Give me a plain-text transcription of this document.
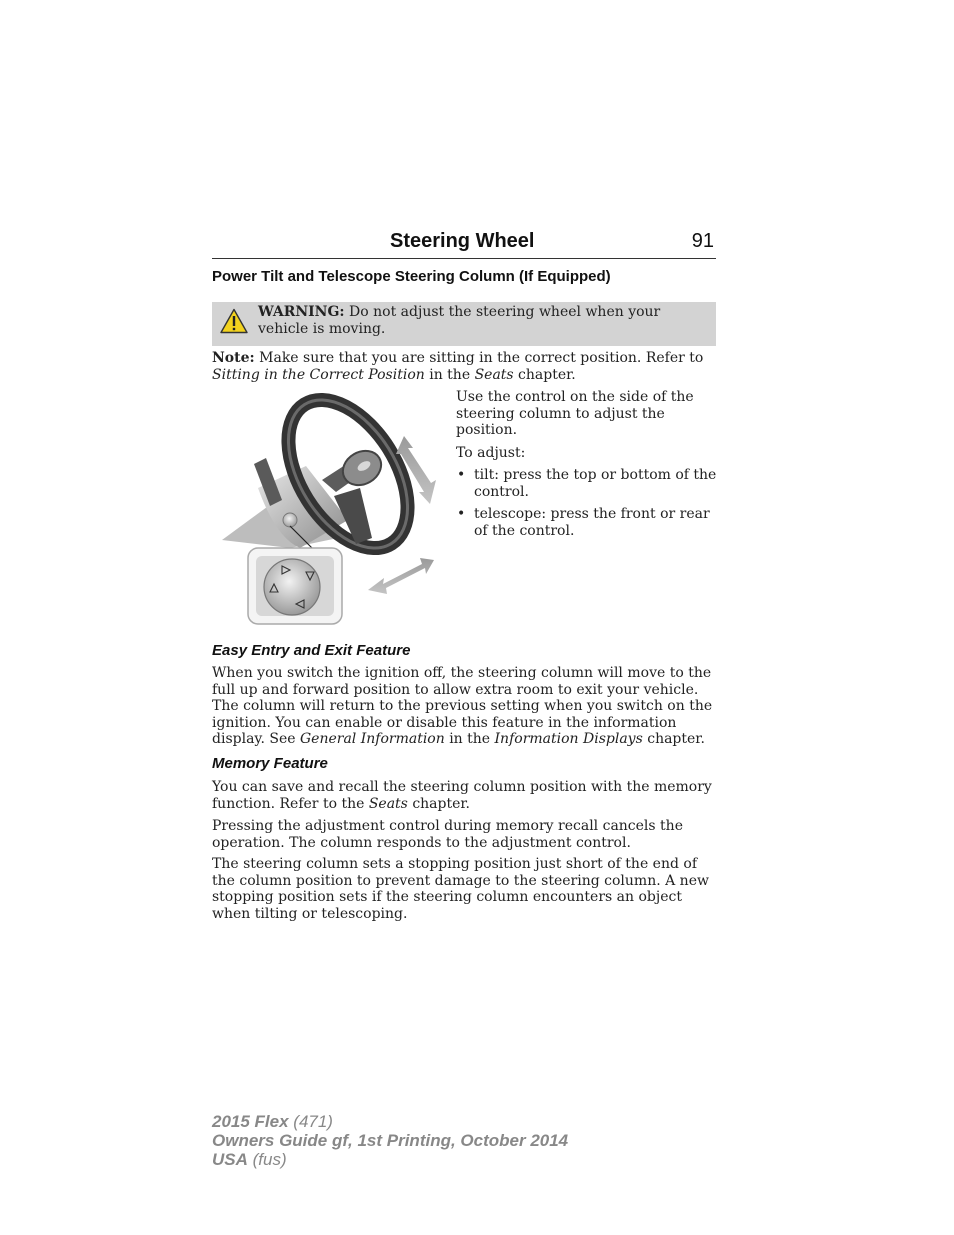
Steering Wheel	91
Power Tilt and Telescope Steering Column (If Equipped)

WARNING: Do not adjust the steering wheel when your vehicle is moving.

Note: Make sure that you are sitting in the correct position. Refer to Sitting in the Correct Position in the Seats chapter.

Use the control on the side of the steering column to adjust the position.

To adjust:

• tilt: press the top or bottom of the control.
• telescope: press the front or rear of the control.
Easy Entry and Exit Feature

When you switch the ignition off, the steering column will move to the full up and forward position to allow extra room to exit your vehicle. The column will return to the previous setting when you switch on the ignition. You can enable or disable this feature in the information display. See General Information in the Information Displays chapter.

Memory Feature

You can save and recall the steering column position with the memory function. Refer to the Seats chapter.

Pressing the adjustment control during memory recall cancels the operation. The column responds to the adjustment control.

The steering column sets a stopping position just short of the end of the column position to prevent damage to the steering column. A new stopping position sets if the steering column encounters an object when tilting or telescoping.

2015 Flex (471)
Owners Guide gf, 1st Printing, October 2014
USA (fus)
